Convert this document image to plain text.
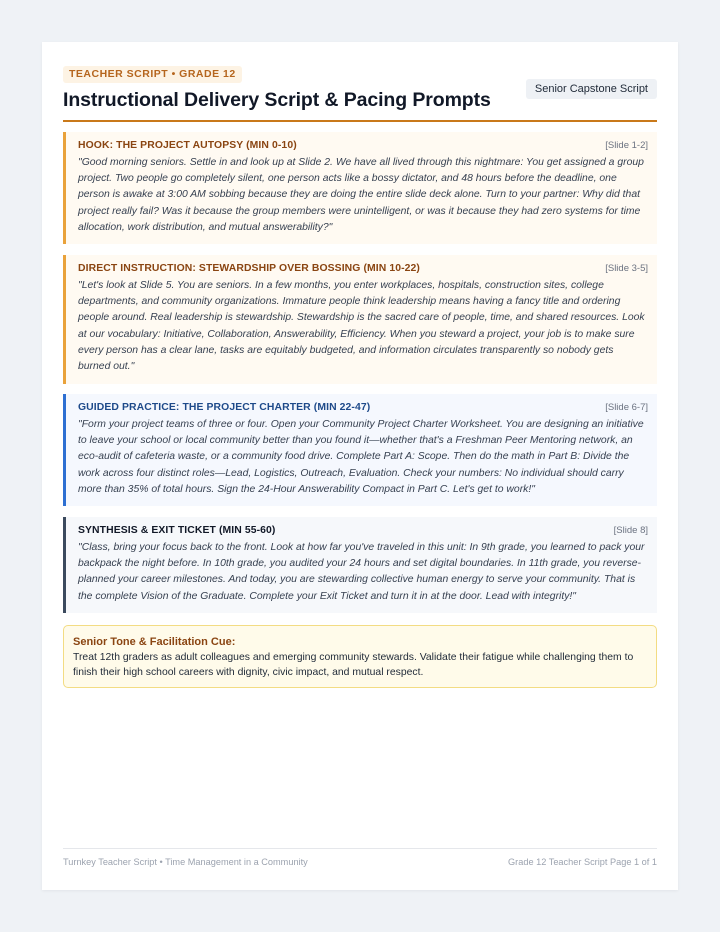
TEACHER SCRIPT • GRADE 12
Instructional Delivery Script & Pacing Prompts	Senior Capstone Script
HOOK: THE PROJECT AUTOPSY (MIN 0-10)	[Slide 1-2]
"Good morning seniors. Settle in and look up at Slide 2. We have all lived through this nightmare: You get assigned a group project. Two people go completely silent, one person acts like a bossy dictator, and 48 hours before the deadline, one person is awake at 3:00 AM sobbing because they are doing the entire slide deck alone. Turn to your partner: Why did that project really fail? Was it because the group members were unintelligent, or was it because they had zero systems for time allocation, work distribution, and mutual answerability?"
DIRECT INSTRUCTION: STEWARDSHIP OVER BOSSING (MIN 10-22)	[Slide 3-5]
"Let's look at Slide 5. You are seniors. In a few months, you enter workplaces, hospitals, construction sites, college departments, and community organizations. Immature people think leadership means having a fancy title and ordering people around. Real leadership is stewardship. Stewardship is the sacred care of people, time, and shared resources. Look at our vocabulary: Initiative, Collaboration, Answerability, Efficiency. When you steward a project, your job is to make sure every person has a clear lane, tasks are equitably budgeted, and information circulates transparently so nobody gets burned out."
GUIDED PRACTICE: THE PROJECT CHARTER (MIN 22-47)	[Slide 6-7]
"Form your project teams of three or four. Open your Community Project Charter Worksheet. You are designing an initiative to leave your school or local community better than you found it—whether that's a Freshman Peer Mentoring network, an eco-audit of cafeteria waste, or a community food drive. Complete Part A: Scope. Then do the math in Part B: Divide the work across four distinct roles—Lead, Logistics, Outreach, Evaluation. Check your numbers: No individual should carry more than 35% of total hours. Sign the 24-Hour Answerability Compact in Part C. Let's get to work!"
SYNTHESIS & EXIT TICKET (MIN 55-60)	[Slide 8]
"Class, bring your focus back to the front. Look at how far you've traveled in this unit: In 9th grade, you learned to pack your backpack the night before. In 10th grade, you audited your 24 hours and set digital boundaries. In 11th grade, you reverse-planned your career milestones. And today, you are stewarding collective human energy to serve your community. That is the complete Vision of the Graduate. Complete your Exit Ticket and turn it in at the door. Lead with integrity!"
Senior Tone & Facilitation Cue:
Treat 12th graders as adult colleagues and emerging community stewards. Validate their fatigue while challenging them to finish their high school careers with dignity, civic impact, and mutual respect.
Turnkey Teacher Script • Time Management in a Community	Grade 12 Teacher Script Page 1 of 1
